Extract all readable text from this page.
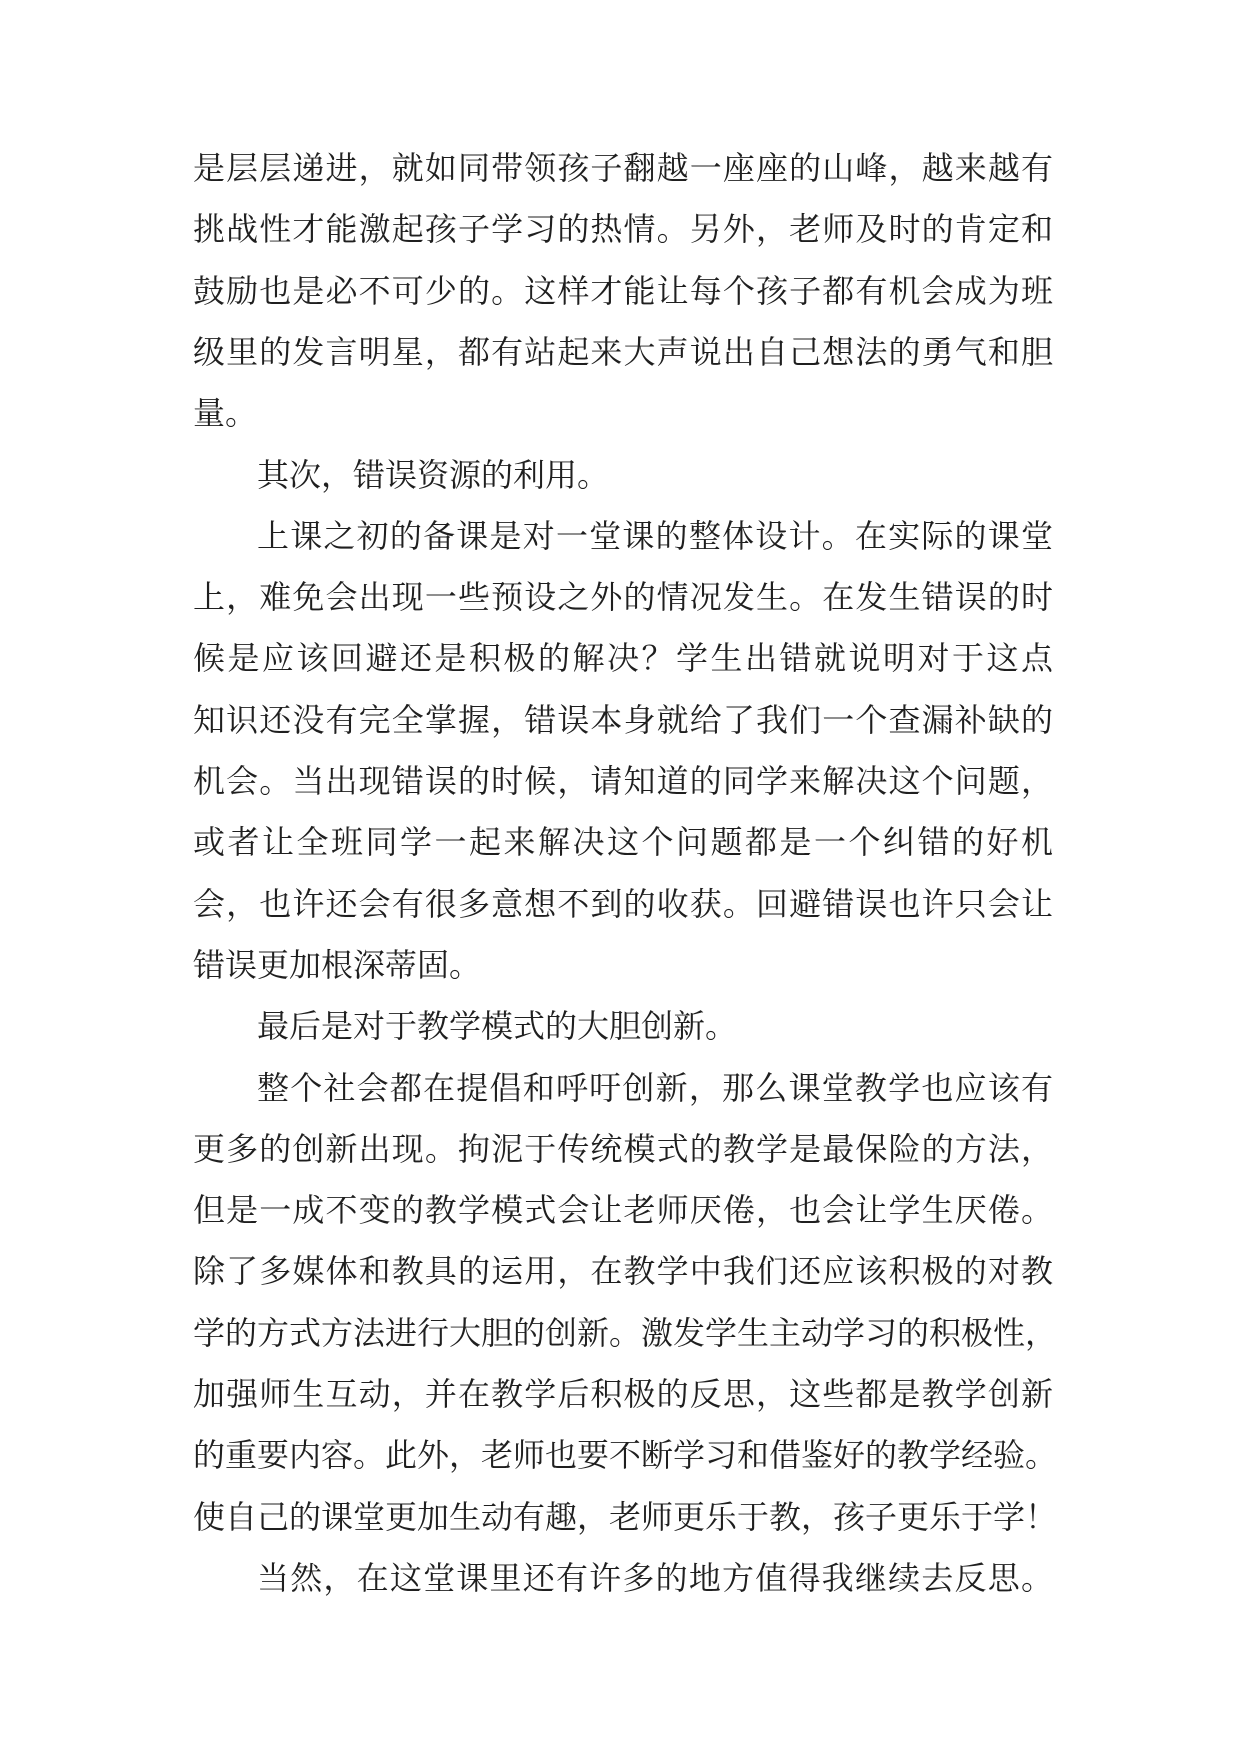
是层层递进，就如同带领孩子翻越一座座的山峰，越来越有
挑战性才能激起孩子学习的热情。另外，老师及时的肯定和
鼓励也是必不可少的。这样才能让每个孩子都有机会成为班
级里的发言明星，都有站起来大声说出自己想法的勇气和胆
量。
其次，错误资源的利用。
上课之初的备课是对一堂课的整体设计。在实际的课堂
上，难免会出现一些预设之外的情况发生。在发生错误的时
候是应该回避还是积极的解决？学生出错就说明对于这点
知识还没有完全掌握，错误本身就给了我们一个查漏补缺的
机会。当出现错误的时候，请知道的同学来解决这个问题，
或者让全班同学一起来解决这个问题都是一个纠错的好机
会，也许还会有很多意想不到的收获。回避错误也许只会让
错误更加根深蒂固。
最后是对于教学模式的大胆创新。
整个社会都在提倡和呼吁创新，那么课堂教学也应该有
更多的创新出现。拘泥于传统模式的教学是最保险的方法，
但是一成不变的教学模式会让老师厌倦，也会让学生厌倦。
除了多媒体和教具的运用，在教学中我们还应该积极的对教
学的方式方法进行大胆的创新。激发学生主动学习的积极性，
加强师生互动，并在教学后积极的反思，这些都是教学创新
的重要内容。此外，老师也要不断学习和借鉴好的教学经验。
使自己的课堂更加生动有趣，老师更乐于教，孩子更乐于学！
当然，在这堂课里还有许多的地方值得我继续去反思。
